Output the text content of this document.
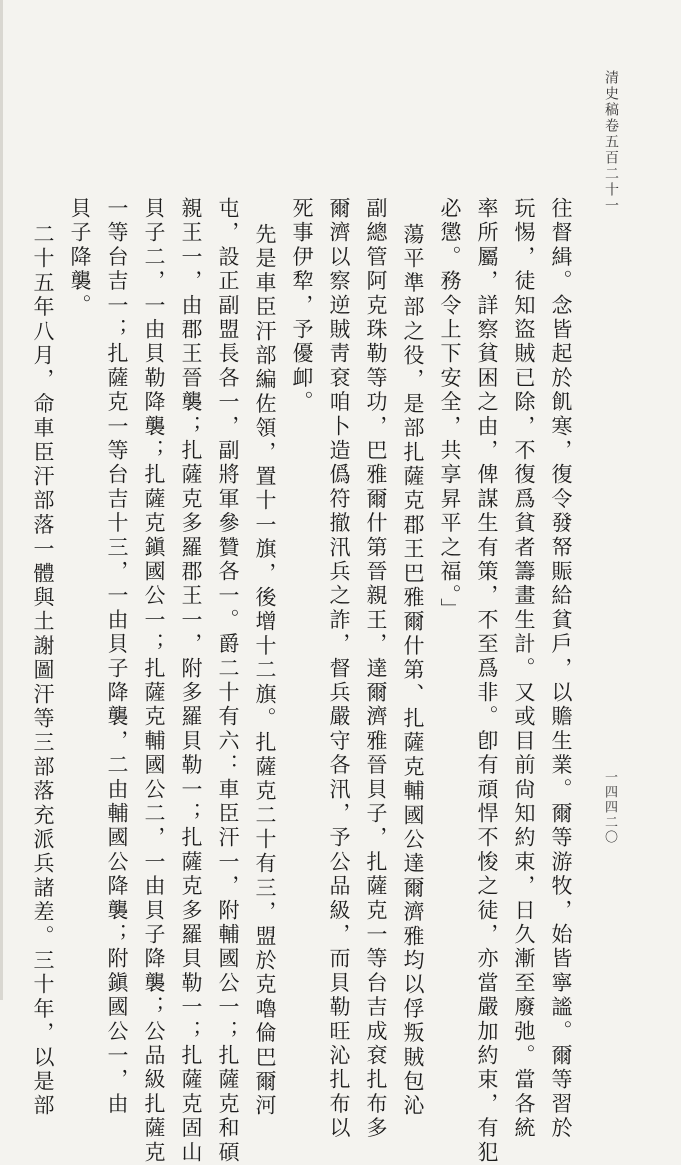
清史稿卷五百二十一
一四四二〇
往督緝。念皆起於飢寒，復令發帑賑給貧戶，以贍生業。爾等游牧，始皆寧謐。爾等習於
玩惕，徒知盜賊已除，不復爲貧者籌畫生計。又或目前尙知約束，日久漸至廢弛。當各統
率所屬，詳察貧困之由，俾謀生有策，不至爲非。卽有頑悍不悛之徒，亦當嚴加約束，有犯
必懲。務令上下安全，共享昇平之福。」
蕩平準部之役，是部扎薩克郡王巴雅爾什第、扎薩克輔國公達爾濟雅均以俘叛賊包沁
副總管阿克珠勒等功，巴雅爾什第晉親王，達爾濟雅晉貝子，扎薩克一等台吉成袞扎布多
爾濟以察逆賊靑袞咱卜造僞符撤汛兵之詐，督兵嚴守各汛，予公品級，而貝勒旺沁扎布以
死事伊犂，予優卹。
先是車臣汗部編佐領，置十一旗，後增十二旗。扎薩克二十有三，盟於克嚕倫巴爾河
屯，設正副盟長各一，副將軍參贊各一。爵二十有六：車臣汗一，附輔國公一；扎薩克和碩
親王一，由郡王晉襲；扎薩克多羅郡王一，附多羅貝勒一；扎薩克多羅貝勒一；扎薩克固山
貝子二，一由貝勒降襲；扎薩克鎭國公一；扎薩克輔國公二，一由貝子降襲；公品級扎薩克
一等台吉一；扎薩克一等台吉十三，一由貝子降襲，二由輔國公降襲；附鎭國公一，由
貝子降襲。
二十五年八月，命車臣汗部落一體與土謝圖汗等三部落充派兵諸差。三十年，以是部
